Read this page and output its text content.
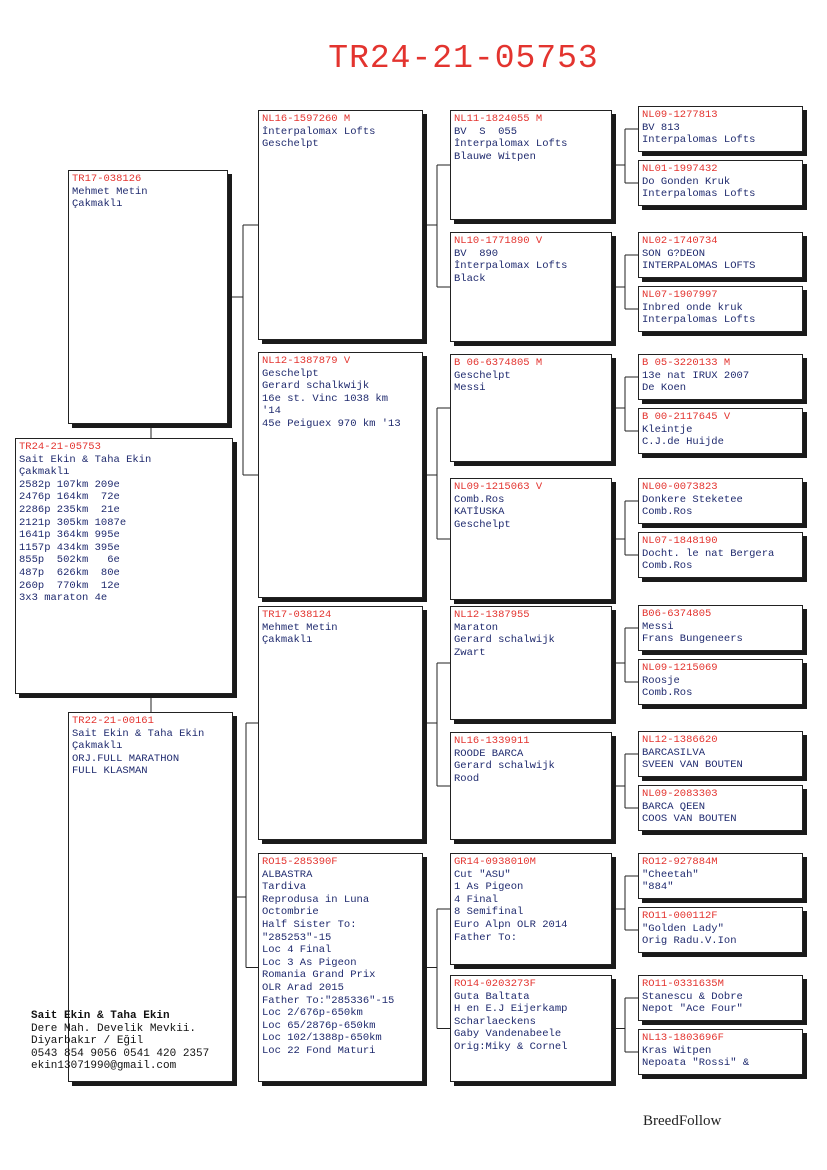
TR24-21-05753
TR24-21-05753
Sait Ekin & Taha Ekin
Çakmaklı
2582p 107km 209e
2476p 164km  72e
2286p 235km  21e
2121p 305km 1087e
1641p 364km 995e
1157p 434km 395e
855p  502km   6e
487p  626km  80e
260p  770km  12e
3x3 maraton 4e
TR17-038126
Mehmet Metin
Çakmaklı
TR22-21-00161
Sait Ekin & Taha Ekin
Çakmaklı
ORJ.FULL MARATHON
FULL KLASMAN
NL16-1597260 M
İnterpalomax Lofts
Geschelpt
NL12-1387879 V
Geschelpt
Gerard schalkwijk
16e st. Vinc 1038 km
'14
45e Peiguex 970 km '13
TR17-038124
Mehmet Metin
Çakmaklı
RO15-285390F
ALBASTRA
Tardiva
Reprodusa in Luna
Octombrie
Half Sister To:
"285253"-15
Loc 4 Final
Loc 3 As Pigeon
Romania Grand Prix
OLR Arad 2015
Father To:"285336"-15
Loc 2/676p-650km
Loc 65/2876p-650km
Loc 102/1388p-650km
Loc 22 Fond Maturi
NL11-1824055 M
BV  S  055
İnterpalomax Lofts
Blauwe Witpen
NL10-1771890 V
BV  890
İnterpalomax Lofts
Black
B 06-6374805 M
Geschelpt
Messi
NL09-1215063 V
Comb.Ros
KATİUSKA
Geschelpt
NL12-1387955
Maraton
Gerard schalwijk
Zwart
NL16-1339911
ROODE BARCA
Gerard schalwijk
Rood
GR14-0938010M
Cut "ASU"
1 As Pigeon
4 Final
8 Semifinal
Euro Alpn OLR 2014
Father To:
RO14-0203273F
Guta Baltata
H en E.J Eijerkamp
Scharlaeckens
Gaby Vandenabeele
Orig:Miky & Cornel
NL09-1277813
BV 813
Interpalomas Lofts
NL01-1997432
Do Gonden Kruk
Interpalomas Lofts
NL02-1740734
SON G?DEON
INTERPALOMAS LOFTS
NL07-1907997
Inbred onde kruk
Interpalomas Lofts
B 05-3220133 M
13e nat IRUX 2007
De Koen
B 00-2117645 V
Kleintje
C.J.de Huijde
NL00-0073823
Donkere Steketee
Comb.Ros
NL07-1848190
Docht. le nat Bergera
Comb.Ros
B06-6374805
Messi
Frans Bungeneers
NL09-1215069
Roosje
Comb.Ros
NL12-1386620
BARCASILVA
SVEEN VAN BOUTEN
NL09-2083303
BARCA QEEN
COOS VAN BOUTEN
RO12-927884M
"Cheetah"
"884"
RO11-000112F
"Golden Lady"
Orig Radu.V.Ion
RO11-0331635M
Stanescu & Dobre
Nepot "Ace Four"
NL13-1803696F
Kras Witpen
Nepoata "Rossi" &
Sait Ekin & Taha Ekin
Dere Mah. Develik Mevkii.
Diyarbakır / Eğil
0543 854 9056 0541 420 2357
ekin13071990@gmail.com
BreedFollow
